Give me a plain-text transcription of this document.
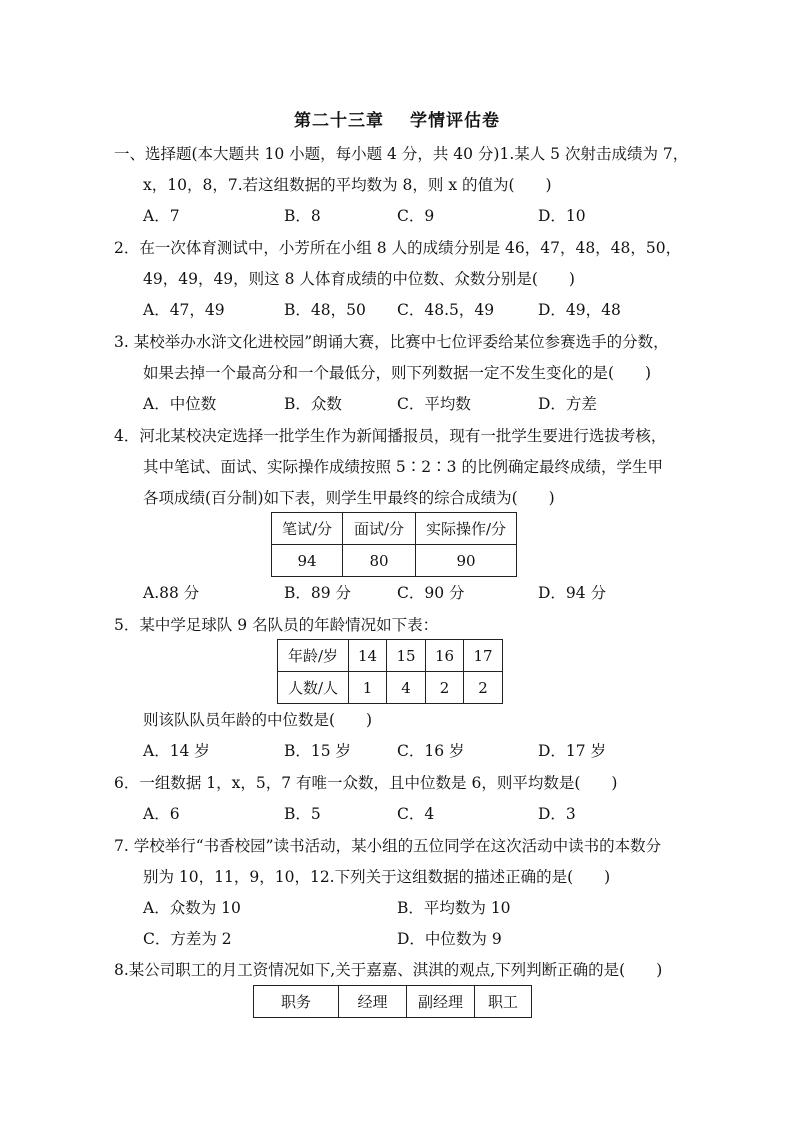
第二十三章 学情评估卷
一、选择题(本大题共 10 小题，每小题 4 分，共 40 分)1.某人 5 次射击成绩为 7，
x，10，8，7.若这组数据的平均数为 8，则 x 的值为(　　)
A．7	B．8	C．9	D．10
2．在一次体育测试中，小芳所在小组 8 人的成绩分别是 46，47，48，48，50，
49，49，49，则这 8 人体育成绩的中位数、众数分别是(　　)
A．47，49	B．48，50 C．48.5，49	D．49，48
3. 某校举办水浒文化进校园”朗诵大赛，比赛中七位评委给某位参赛选手的分数，
如果去掉一个最高分和一个最低分，则下列数据一定不发生变化的是(　　)
A．中位数	B．众数	C．平均数	D．方差
4．河北某校决定选择一批学生作为新闻播报员，现有一批学生要进行选拔考核，
其中笔试、面试、实际操作成绩按照 5∶2∶3 的比例确定最终成绩，学生甲
各项成绩(百分制)如下表，则学生甲最终的综合成绩为(　　)
笔试/分	面试/分	实际操作/分
94	80	90
A.88 分	B．89 分	C．90 分	D．94 分
5．某中学足球队 9 名队员的年龄情况如下表：
年龄/岁	14	15	16	17
人数/人	1	4	2	2
则该队队员年龄的中位数是(　　)
A．14 岁	B．15 岁	C．16 岁	D．17 岁
6．一组数据 1，x，5，7 有唯一众数，且中位数是 6，则平均数是(　　)
A．6	B．5	C．4	D．3
7. 学校举行“书香校园”读书活动，某小组的五位同学在这次活动中读书的本数分
别为 10，11，9，10，12.下列关于这组数据的描述正确的是(　　)
A．众数为 10	B．平均数为 10
C．方差为 2	D．中位数为 9
8.某公司职工的月工资情况如下,关于嘉嘉、淇淇的观点,下列判断正确的是(　　)
职务	经理	副经理	职工
